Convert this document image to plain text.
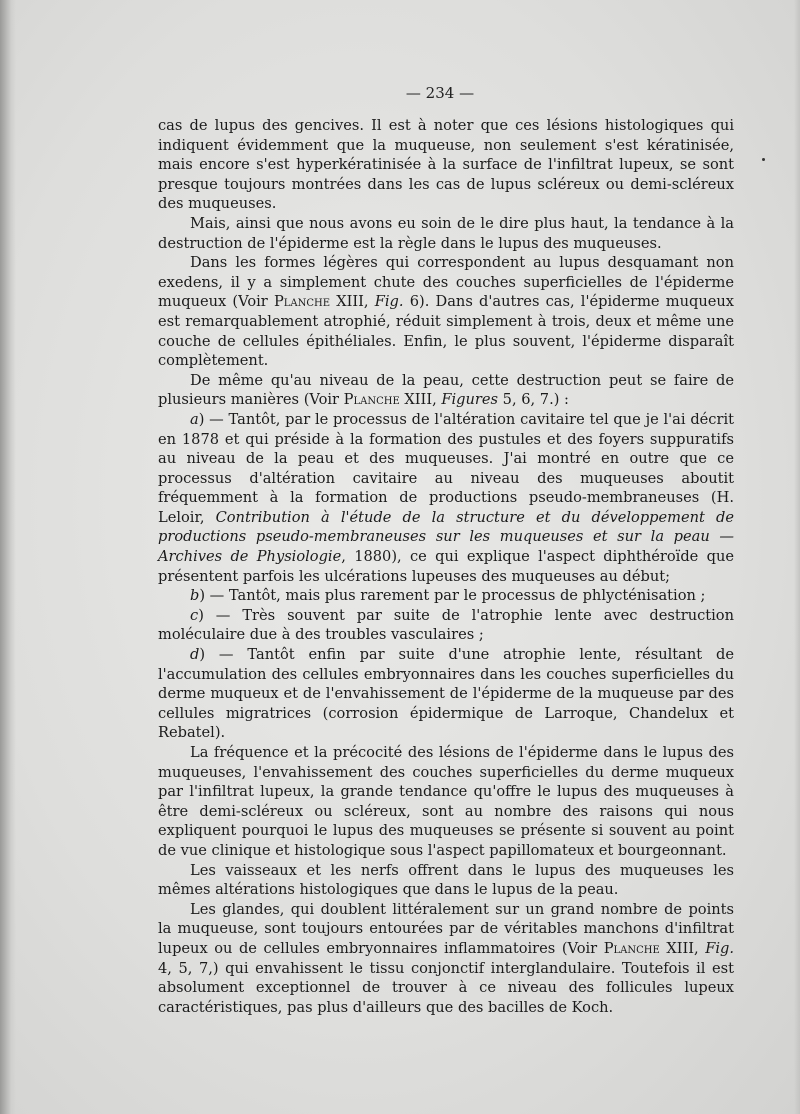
— 234 —

cas de lupus des gencives. Il est à noter que ces lésions histologiques qui indiquent évidemment que la muqueuse, non seulement s'est kératinisée, mais encore s'est hyperkératinisée à la surface de l'infiltrat lupeux, se sont presque toujours montrées dans les cas de lupus scléreux ou demi-scléreux des muqueuses.

Mais, ainsi que nous avons eu soin de le dire plus haut, la tendance à la destruction de l'épiderme est la règle dans le lupus des muqueuses.

Dans les formes légères qui correspondent au lupus desquamant non exedens, il y a simplement chute des couches superficielles de l'épiderme muqueux (Voir Planche XIII, Fig. 6). Dans d'autres cas, l'épiderme muqueux est remarquablement atrophié, réduit simplement à trois, deux et même une couche de cellules épithéliales. Enfin, le plus souvent, l'épiderme disparaît complètement.

De même qu'au niveau de la peau, cette destruction peut se faire de plusieurs manières (Voir Planche XIII, Figures 5, 6, 7.) :

a) — Tantôt, par le processus de l'altération cavitaire tel que je l'ai décrit en 1878 et qui préside à la formation des pustules et des foyers suppuratifs au niveau de la peau et des muqueuses. J'ai montré en outre que ce processus d'altération cavitaire au niveau des muqueuses aboutit fréquemment à la formation de productions pseudo-membraneuses (H. Leloir, Contribution à l'étude de la structure et du développement de productions pseudo-membraneuses sur les muqueuses et sur la peau — Archives de Physiologie, 1880), ce qui explique l'aspect diphthéroïde que présentent parfois les ulcérations lupeuses des muqueuses au début;

b) — Tantôt, mais plus rarement par le processus de phlycténisation ;

c) — Très souvent par suite de l'atrophie lente avec destruction moléculaire due à des troubles vasculaires ;

d) — Tantôt enfin par suite d'une atrophie lente, résultant de l'accumulation des cellules embryonnaires dans les couches superficielles du derme muqueux et de l'envahissement de l'épiderme de la muqueuse par des cellules migratrices (corrosion épidermique de Larroque, Chandelux et Rebatel).

La fréquence et la précocité des lésions de l'épiderme dans le lupus des muqueuses, l'envahissement des couches superficielles du derme muqueux par l'infiltrat lupeux, la grande tendance qu'offre le lupus des muqueuses à être demi-scléreux ou scléreux, sont au nombre des raisons qui nous expliquent pourquoi le lupus des muqueuses se présente si souvent au point de vue clinique et histologique sous l'aspect papillomateux et bourgeonnant.

Les vaisseaux et les nerfs offrent dans le lupus des muqueuses les mêmes altérations histologiques que dans le lupus de la peau.

Les glandes, qui doublent littéralement sur un grand nombre de points la muqueuse, sont toujours entourées par de véritables manchons d'infiltrat lupeux ou de cellules embryonnaires inflammatoires (Voir Planche XIII, Fig. 4, 5, 7,) qui envahissent le tissu conjonctif interglandulaire. Toutefois il est absolument exceptionnel de trouver à ce niveau des follicules lupeux caractéristiques, pas plus d'ailleurs que des bacilles de Koch.
